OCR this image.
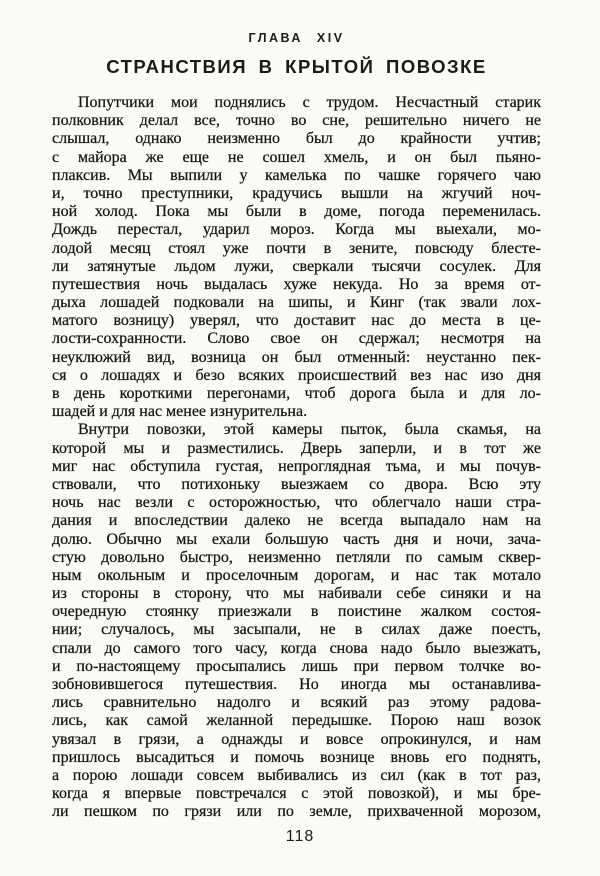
ГЛАВА XIV
СТРАНСТВИЯ В КРЫТОЙ ПОВОЗКЕ
Попутчики мои поднялись с трудом. Несчастный старик
полковник делал все, точно во сне, решительно ничего не
слышал, однако неизменно был до крайности учтив;
с майора же еще не сошел хмель, и он был пьяно-
плаксив. Мы выпили у камелька по чашке горячего чаю
и, точно преступники, крадучись вышли на жгучий ноч-
ной холод. Пока мы были в доме, погода переменилась.
Дождь перестал, ударил мороз. Когда мы выехали, мо-
лодой месяц стоял уже почти в зените, повсюду блесте-
ли затянутые льдом лужи, сверкали тысячи сосулек. Для
путешествия ночь выдалась хуже некуда. Но за время от-
дыха лошадей подковали на шипы, и Кинг (так звали лох-
матого возницу) уверял, что доставит нас до места в це-
лости-сохранности. Слово свое он сдержал; несмотря на
неуклюжий вид, возница он был отменный: неустанно пек-
ся о лошадях и безо всяких происшествий вез нас изо дня
в день короткими перегонами, чтоб дорога была и для ло-
шадей и для нас менее изнурительна.
Внутри повозки, этой камеры пыток, была скамья, на
которой мы и разместились. Дверь заперли, и в тот же
миг нас обступила густая, непроглядная тьма, и мы почув-
ствовали, что потихоньку выезжаем со двора. Всю эту
ночь нас везли с осторожностью, что облегчало наши стра-
дания и впоследствии далеко не всегда выпадало нам на
долю. Обычно мы ехали большую часть дня и ночи, зача-
стую довольно быстро, неизменно петляли по самым сквер-
ным окольным и проселочным дорогам, и нас так мотало
из стороны в сторону, что мы набивали себе синяки и на
очередную стоянку приезжали в поистине жалком состоя-
нии; случалось, мы засыпали, не в силах даже поесть,
спали до самого того часу, когда снова надо было выезжать,
и по-настоящему просыпались лишь при первом толчке во-
зобновившегося путешествия. Но иногда мы останавлива-
лись сравнительно надолго и всякий раз этому радова-
лись, как самой желанной передышке. Порою наш возок
увязал в грязи, а однажды и вовсе опрокинулся, и нам
пришлось высадиться и помочь вознице вновь его поднять,
а порою лошади совсем выбивались из сил (как в тот раз,
когда я впервые повстречался с этой повозкой), и мы бре-
ли пешком по грязи или по земле, прихваченной морозом,
118
